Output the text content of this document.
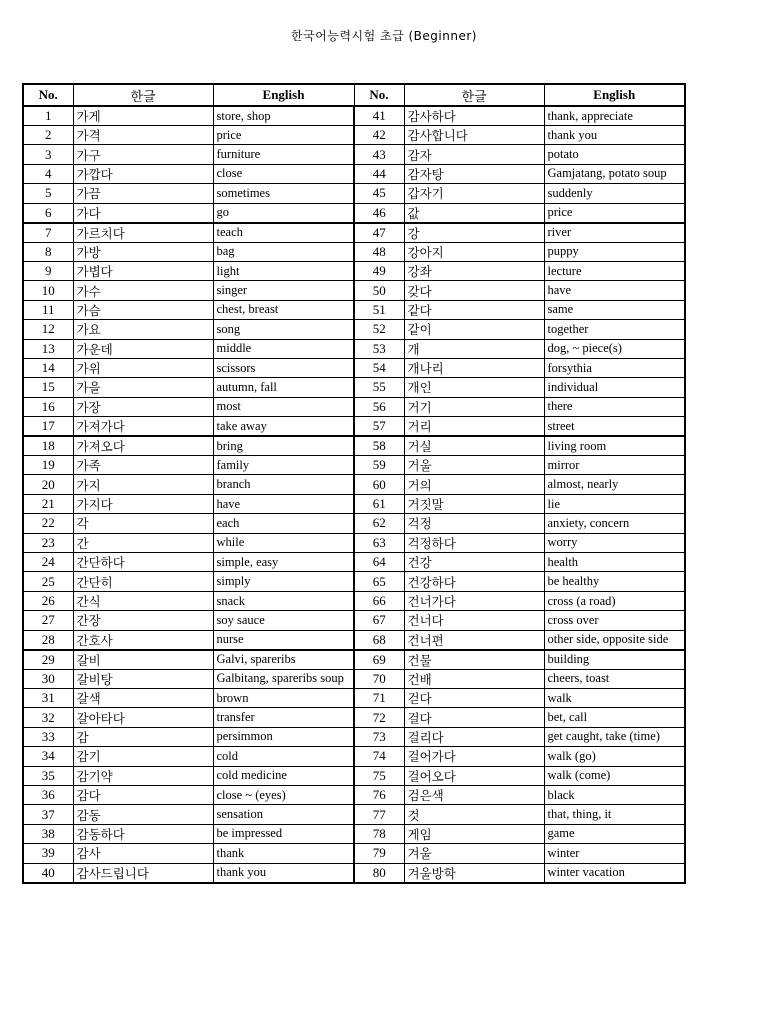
한국어능력시험 초급 (Beginner)
No.	한글	English	No.	한글	English
1	가게	store, shop	41	감사하다	thank, appreciate
2	가격	price	42	감사합니다	thank you
3	가구	furniture	43	감자	potato
4	가깝다	close	44	감자탕	Gamjatang, potato soup
5	가끔	sometimes	45	갑자기	suddenly
6	가다	go	46	값	price
7	가르치다	teach	47	강	river
8	가방	bag	48	강아지	puppy
9	가볍다	light	49	강좌	lecture
10	가수	singer	50	갖다	have
11	가슴	chest, breast	51	같다	same
12	가요	song	52	같이	together
13	가운데	middle	53	개	dog, ~ piece(s)
14	가위	scissors	54	개나리	forsythia
15	가을	autumn, fall	55	개인	individual
16	가장	most	56	거기	there
17	가져가다	take away	57	거리	street
18	가져오다	bring	58	거실	living room
19	가족	family	59	거울	mirror
20	가지	branch	60	거의	almost, nearly
21	가지다	have	61	거짓말	lie
22	각	each	62	걱정	anxiety, concern
23	간	while	63	걱정하다	worry
24	간단하다	simple, easy	64	건강	health
25	간단히	simply	65	건강하다	be healthy
26	간식	snack	66	건너가다	cross (a road)
27	간장	soy sauce	67	건너다	cross over
28	간호사	nurse	68	건너편	other side, opposite side
29	갈비	Galvi, spareribs	69	건물	building
30	갈비탕	Galbitang, spareribs soup	70	건배	cheers, toast
31	갈색	brown	71	걷다	walk
32	갈아타다	transfer	72	걸다	bet, call
33	감	persimmon	73	걸리다	get caught, take (time)
34	감기	cold	74	걸어가다	walk (go)
35	감기약	cold medicine	75	걸어오다	walk (come)
36	감다	close ~ (eyes)	76	검은색	black
37	감동	sensation	77	것	that, thing, it
38	감동하다	be impressed	78	게임	game
39	감사	thank	79	겨울	winter
40	감사드립니다	thank you	80	겨울방학	winter vacation
